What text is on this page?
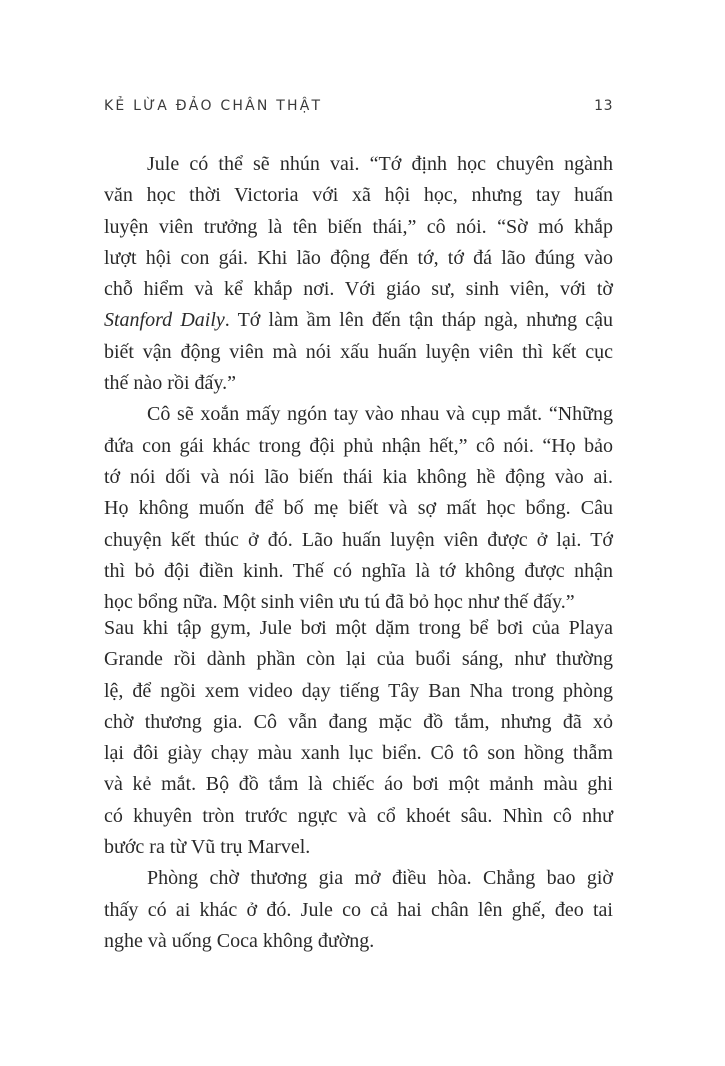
KẺ LỪA ĐẢO CHÂN THẬT	13
Jule có thể sẽ nhún vai. “Tớ định học chuyên ngành
văn học thời Victoria với xã hội học, nhưng tay huấn
luyện viên trưởng là tên biến thái,” cô nói. “Sờ mó khắp
lượt hội con gái. Khi lão động đến tớ, tớ đá lão đúng vào
chỗ hiểm và kể khắp nơi. Với giáo sư, sinh viên, với tờ
Stanford Daily. Tớ làm ầm lên đến tận tháp ngà, nhưng cậu
biết vận động viên mà nói xấu huấn luyện viên thì kết cục
thế nào rồi đấy.”
Cô sẽ xoắn mấy ngón tay vào nhau và cụp mắt. “Những
đứa con gái khác trong đội phủ nhận hết,” cô nói. “Họ bảo
tớ nói dối và nói lão biến thái kia không hề động vào ai.
Họ không muốn để bố mẹ biết và sợ mất học bổng. Câu
chuyện kết thúc ở đó. Lão huấn luyện viên được ở lại. Tớ
thì bỏ đội điền kinh. Thế có nghĩa là tớ không được nhận
học bổng nữa. Một sinh viên ưu tú đã bỏ học như thế đấy.”
Sau khi tập gym, Jule bơi một dặm trong bể bơi của Playa
Grande rồi dành phần còn lại của buổi sáng, như thường
lệ, để ngồi xem video dạy tiếng Tây Ban Nha trong phòng
chờ thương gia. Cô vẫn đang mặc đồ tắm, nhưng đã xỏ
lại đôi giày chạy màu xanh lục biển. Cô tô son hồng thẫm
và kẻ mắt. Bộ đồ tắm là chiếc áo bơi một mảnh màu ghi
có khuyên tròn trước ngực và cổ khoét sâu. Nhìn cô như
bước ra từ Vũ trụ Marvel.
Phòng chờ thương gia mở điều hòa. Chẳng bao giờ
thấy có ai khác ở đó. Jule co cả hai chân lên ghế, đeo tai
nghe và uống Coca không đường.
